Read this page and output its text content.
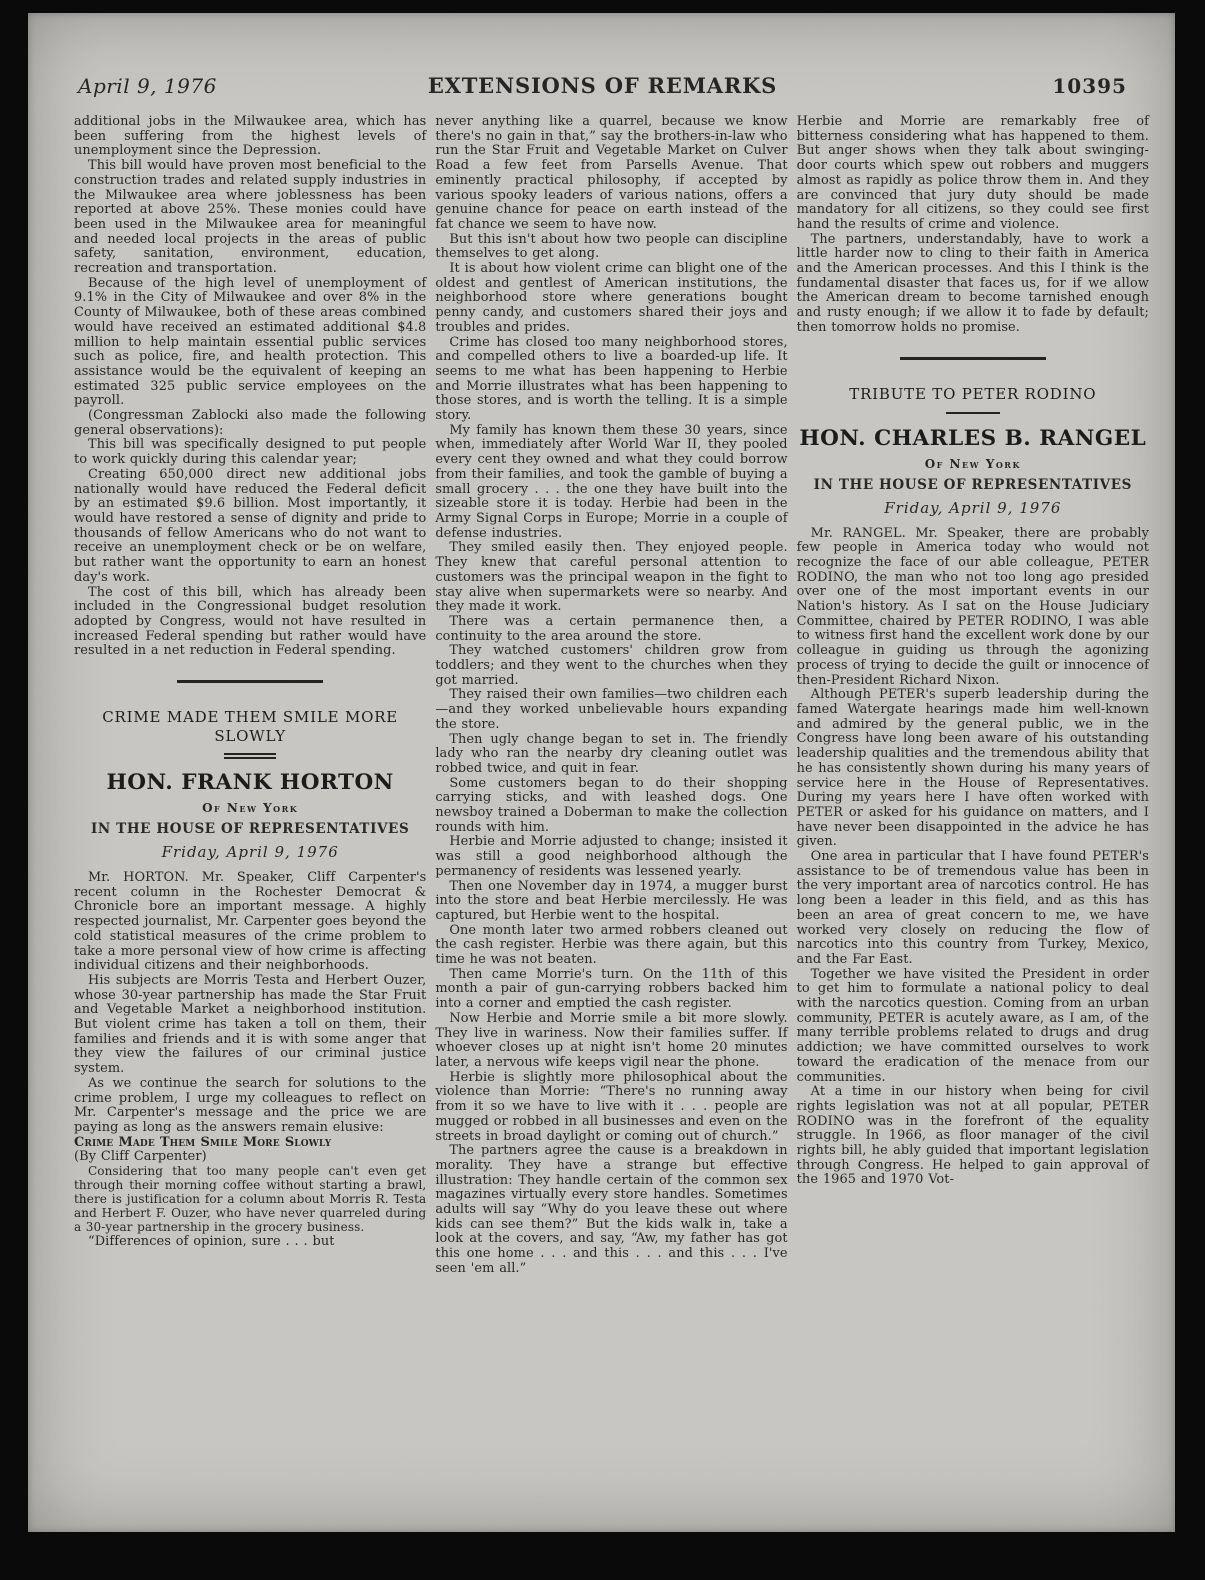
April 9, 1976	EXTENSIONS OF REMARKS	10395

additional jobs in the Milwaukee area, which has been suffering from the highest levels of unemployment since the Depression.

This bill would have proven most beneficial to the construction trades and related supply industries in the Milwaukee area where joblessness has been reported at above 25%. These monies could have been used in the Milwaukee area for meaningful and needed local projects in the areas of public safety, sanitation, environment, education, recreation and transportation.

Because of the high level of unemployment of 9.1% in the City of Milwaukee and over 8% in the County of Milwaukee, both of these areas combined would have received an estimated additional $4.8 million to help maintain essential public services such as police, fire, and health protection. This assistance would be the equivalent of keeping an estimated 325 public service employees on the payroll.

(Congressman Zablocki also made the following general observations):

This bill was specifically designed to put people to work quickly during this calendar year;

Creating 650,000 direct new additional jobs nationally would have reduced the Federal deficit by an estimated $9.6 billion. Most importantly, it would have restored a sense of dignity and pride to thousands of fellow Americans who do not want to receive an unemployment check or be on welfare, but rather want the opportunity to earn an honest day's work.

The cost of this bill, which has already been included in the Congressional budget resolution adopted by Congress, would not have resulted in increased Federal spending but rather would have resulted in a net reduction in Federal spending.

CRIME MADE THEM SMILE MORE SLOWLY
HON. FRANK HORTON
Of New York
IN THE HOUSE OF REPRESENTATIVES
Friday, April 9, 1976

Mr. HORTON. Mr. Speaker, Cliff Carpenter's recent column in the Rochester Democrat & Chronicle bore an important message. A highly respected journalist, Mr. Carpenter goes beyond the cold statistical measures of the crime problem to take a more personal view of how crime is affecting individual citizens and their neighborhoods.

His subjects are Morris Testa and Herbert Ouzer, whose 30-year partnership has made the Star Fruit and Vegetable Market a neighborhood institution. But violent crime has taken a toll on them, their families and friends and it is with some anger that they view the failures of our criminal justice system.

As we continue the search for solutions to the crime problem, I urge my colleagues to reflect on Mr. Carpenter's message and the price we are paying as long as the answers remain elusive:

Crime Made Them Smile More Slowly

(By Cliff Carpenter)

Considering that too many people can't even get through their morning coffee without starting a brawl, there is justification for a column about Morris R. Testa and Herbert F. Ouzer, who have never quarreled during a 30-year partnership in the grocery business.

“Differences of opinion, sure . . . but

never anything like a quarrel, because we know there's no gain in that,” say the brothers-in-law who run the Star Fruit and Vegetable Market on Culver Road a few feet from Parsells Avenue. That eminently practical philosophy, if accepted by various spooky leaders of various nations, offers a genuine chance for peace on earth instead of the fat chance we seem to have now.

But this isn't about how two people can discipline themselves to get along.

It is about how violent crime can blight one of the oldest and gentlest of American institutions, the neighborhood store where generations bought penny candy, and customers shared their joys and troubles and prides.

Crime has closed too many neighborhood stores, and compelled others to live a boarded-up life. It seems to me what has been happening to Herbie and Morrie illustrates what has been happening to those stores, and is worth the telling. It is a simple story.

My family has known them these 30 years, since when, immediately after World War II, they pooled every cent they owned and what they could borrow from their families, and took the gamble of buying a small grocery . . . the one they have built into the sizeable store it is today. Herbie had been in the Army Signal Corps in Europe; Morrie in a couple of defense industries.

They smiled easily then. They enjoyed people. They knew that careful personal attention to customers was the principal weapon in the fight to stay alive when supermarkets were so nearby. And they made it work.

There was a certain permanence then, a continuity to the area around the store.

They watched customers' children grow from toddlers; and they went to the churches when they got married.

They raised their own families—two children each—and they worked unbelievable hours expanding the store.

Then ugly change began to set in. The friendly lady who ran the nearby dry cleaning outlet was robbed twice, and quit in fear.

Some customers began to do their shopping carrying sticks, and with leashed dogs. One newsboy trained a Doberman to make the collection rounds with him.

Herbie and Morrie adjusted to change; insisted it was still a good neighborhood although the permanency of residents was lessened yearly.

Then one November day in 1974, a mugger burst into the store and beat Herbie mercilessly. He was captured, but Herbie went to the hospital.

One month later two armed robbers cleaned out the cash register. Herbie was there again, but this time he was not beaten.

Then came Morrie's turn. On the 11th of this month a pair of gun-carrying robbers backed him into a corner and emptied the cash register.

Now Herbie and Morrie smile a bit more slowly. They live in wariness. Now their families suffer. If whoever closes up at night isn't home 20 minutes later, a nervous wife keeps vigil near the phone.

Herbie is slightly more philosophical about the violence than Morrie: “There's no running away from it so we have to live with it . . . people are mugged or robbed in all businesses and even on the streets in broad daylight or coming out of church.”

The partners agree the cause is a breakdown in morality. They have a strange but effective illustration: They handle certain of the common sex magazines virtually every store handles. Sometimes adults will say “Why do you leave these out where kids can see them?” But the kids walk in, take a look at the covers, and say, “Aw, my father has got this one home . . . and this . . . and this . . . I've seen 'em all.”

Herbie and Morrie are remarkably free of bitterness considering what has happened to them. But anger shows when they talk about swinging-door courts which spew out robbers and muggers almost as rapidly as police throw them in. And they are convinced that jury duty should be made mandatory for all citizens, so they could see first hand the results of crime and violence.

The partners, understandably, have to work a little harder now to cling to their faith in America and the American processes. And this I think is the fundamental disaster that faces us, for if we allow the American dream to become tarnished enough and rusty enough; if we allow it to fade by default; then tomorrow holds no promise.

TRIBUTE TO PETER RODINO
HON. CHARLES B. RANGEL
Of New York
IN THE HOUSE OF REPRESENTATIVES
Friday, April 9, 1976

Mr. RANGEL. Mr. Speaker, there are probably few people in America today who would not recognize the face of our able colleague, PETER RODINO, the man who not too long ago presided over one of the most important events in our Nation's history. As I sat on the House Judiciary Committee, chaired by PETER RODINO, I was able to witness first hand the excellent work done by our colleague in guiding us through the agonizing process of trying to decide the guilt or innocence of then-President Richard Nixon.

Although PETER's superb leadership during the famed Watergate hearings made him well-known and admired by the general public, we in the Congress have long been aware of his outstanding leadership qualities and the tremendous ability that he has consistently shown during his many years of service here in the House of Representatives. During my years here I have often worked with PETER or asked for his guidance on matters, and I have never been disappointed in the advice he has given.

One area in particular that I have found PETER's assistance to be of tremendous value has been in the very important area of narcotics control. He has long been a leader in this field, and as this has been an area of great concern to me, we have worked very closely on reducing the flow of narcotics into this country from Turkey, Mexico, and the Far East.

Together we have visited the President in order to get him to formulate a national policy to deal with the narcotics question. Coming from an urban community, PETER is acutely aware, as I am, of the many terrible problems related to drugs and drug addiction; we have committed ourselves to work toward the eradication of the menace from our communities.

At a time in our history when being for civil rights legislation was not at all popular, PETER RODINO was in the forefront of the equality struggle. In 1966, as floor manager of the civil rights bill, he ably guided that important legislation through Congress. He helped to gain approval of the 1965 and 1970 Vot-
